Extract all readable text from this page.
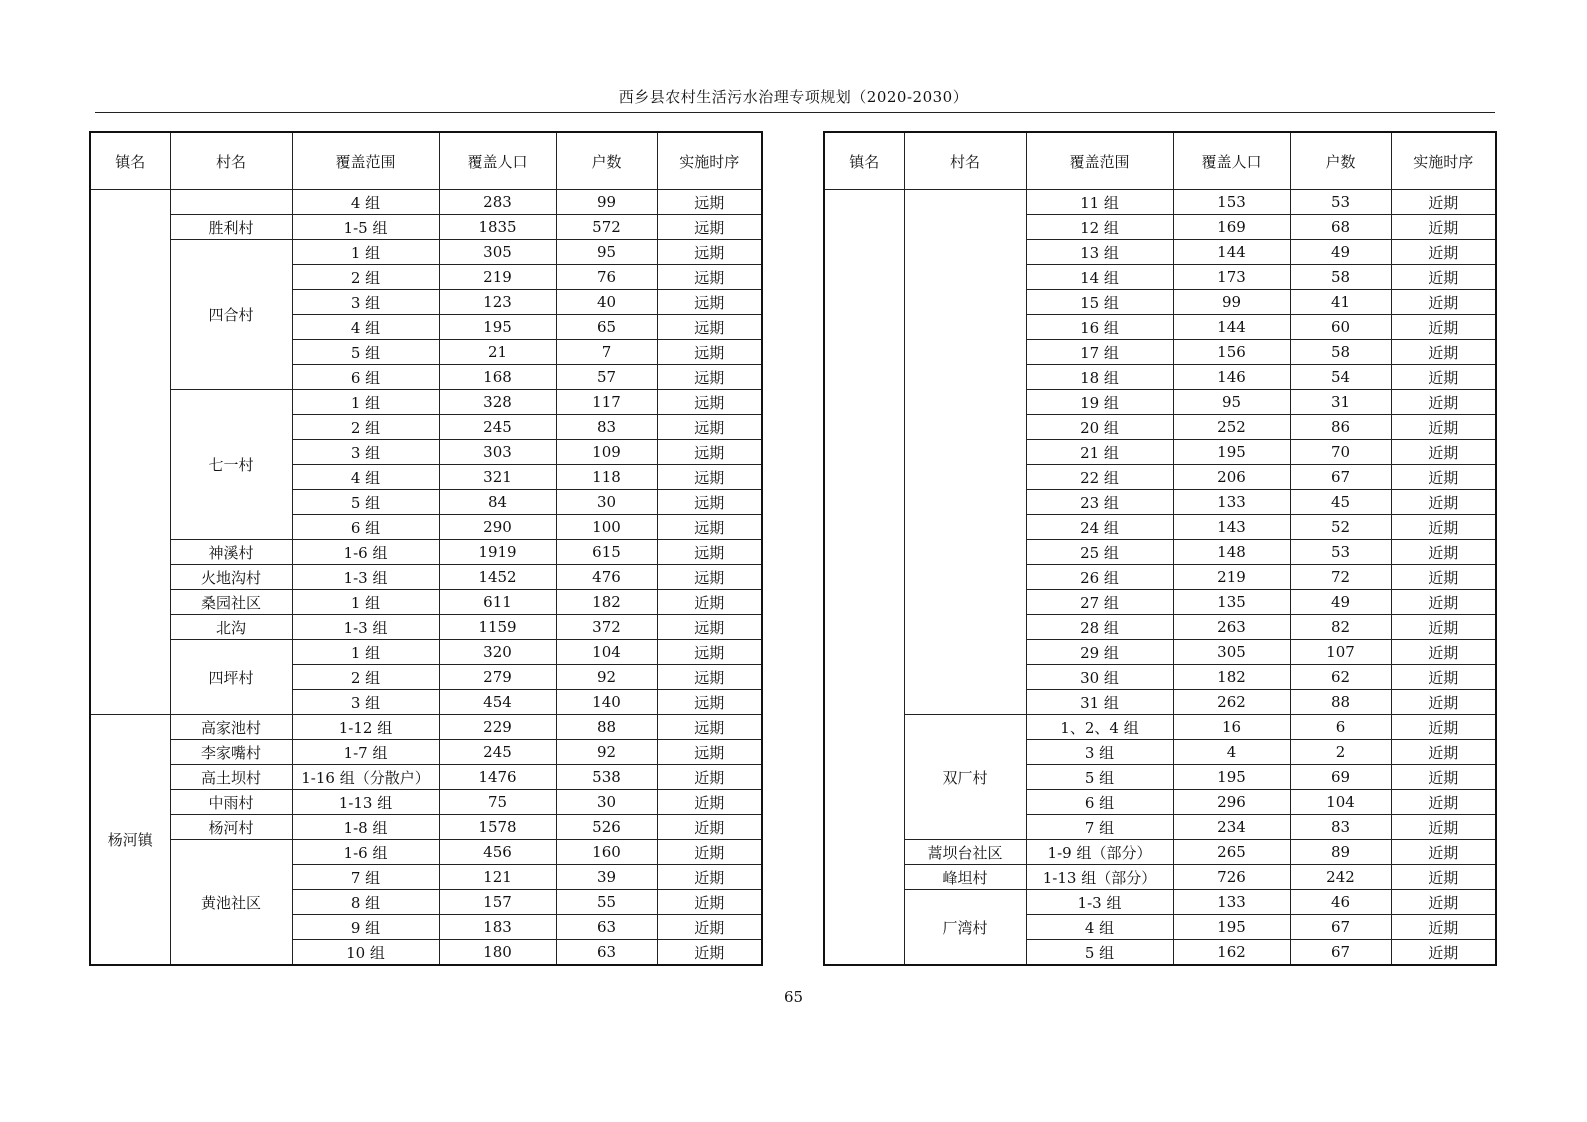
西乡县农村生活污水治理专项规划（2020-2030）
镇名	村名	覆盖范围	覆盖人口	户数	实施时序
		4 组	283	99	远期
	胜利村	1-5 组	1835	572	远期
	四合村	1 组	305	95	远期
		2 组	219	76	远期
		3 组	123	40	远期
		4 组	195	65	远期
		5 组	21	7	远期
		6 组	168	57	远期
	七一村	1 组	328	117	远期
		2 组	245	83	远期
		3 组	303	109	远期
		4 组	321	118	远期
		5 组	84	30	远期
		6 组	290	100	远期
	神溪村	1-6 组	1919	615	远期
	火地沟村	1-3 组	1452	476	远期
	桑园社区	1 组	611	182	近期
	北沟	1-3 组	1159	372	远期
	四坪村	1 组	320	104	远期
		2 组	279	92	远期
		3 组	454	140	远期
杨河镇	高家池村	1-12 组	229	88	远期
	李家嘴村	1-7 组	245	92	远期
	高土坝村	1-16 组（分散户）	1476	538	近期
	中雨村	1-13 组	75	30	近期
	杨河村	1-8 组	1578	526	近期
	黄池社区	1-6 组	456	160	近期
		7 组	121	39	近期
		8 组	157	55	近期
		9 组	183	63	近期
		10 组	180	63	近期
镇名	村名	覆盖范围	覆盖人口	户数	实施时序
		11 组	153	53	近期
		12 组	169	68	近期
		13 组	144	49	近期
		14 组	173	58	近期
		15 组	99	41	近期
		16 组	144	60	近期
		17 组	156	58	近期
		18 组	146	54	近期
		19 组	95	31	近期
		20 组	252	86	近期
		21 组	195	70	近期
		22 组	206	67	近期
		23 组	133	45	近期
		24 组	143	52	近期
		25 组	148	53	近期
		26 组	219	72	近期
		27 组	135	49	近期
		28 组	263	82	近期
		29 组	305	107	近期
		30 组	182	62	近期
		31 组	262	88	近期
	双厂村	1、2、4 组	16	6	近期
		3 组	4	2	近期
		5 组	195	69	近期
		6 组	296	104	近期
		7 组	234	83	近期
	蒿坝台社区	1-9 组（部分）	265	89	近期
	峰坦村	1-13 组（部分）	726	242	近期
	厂湾村	1-3 组	133	46	近期
		4 组	195	67	近期
		5 组	162	67	近期
65
